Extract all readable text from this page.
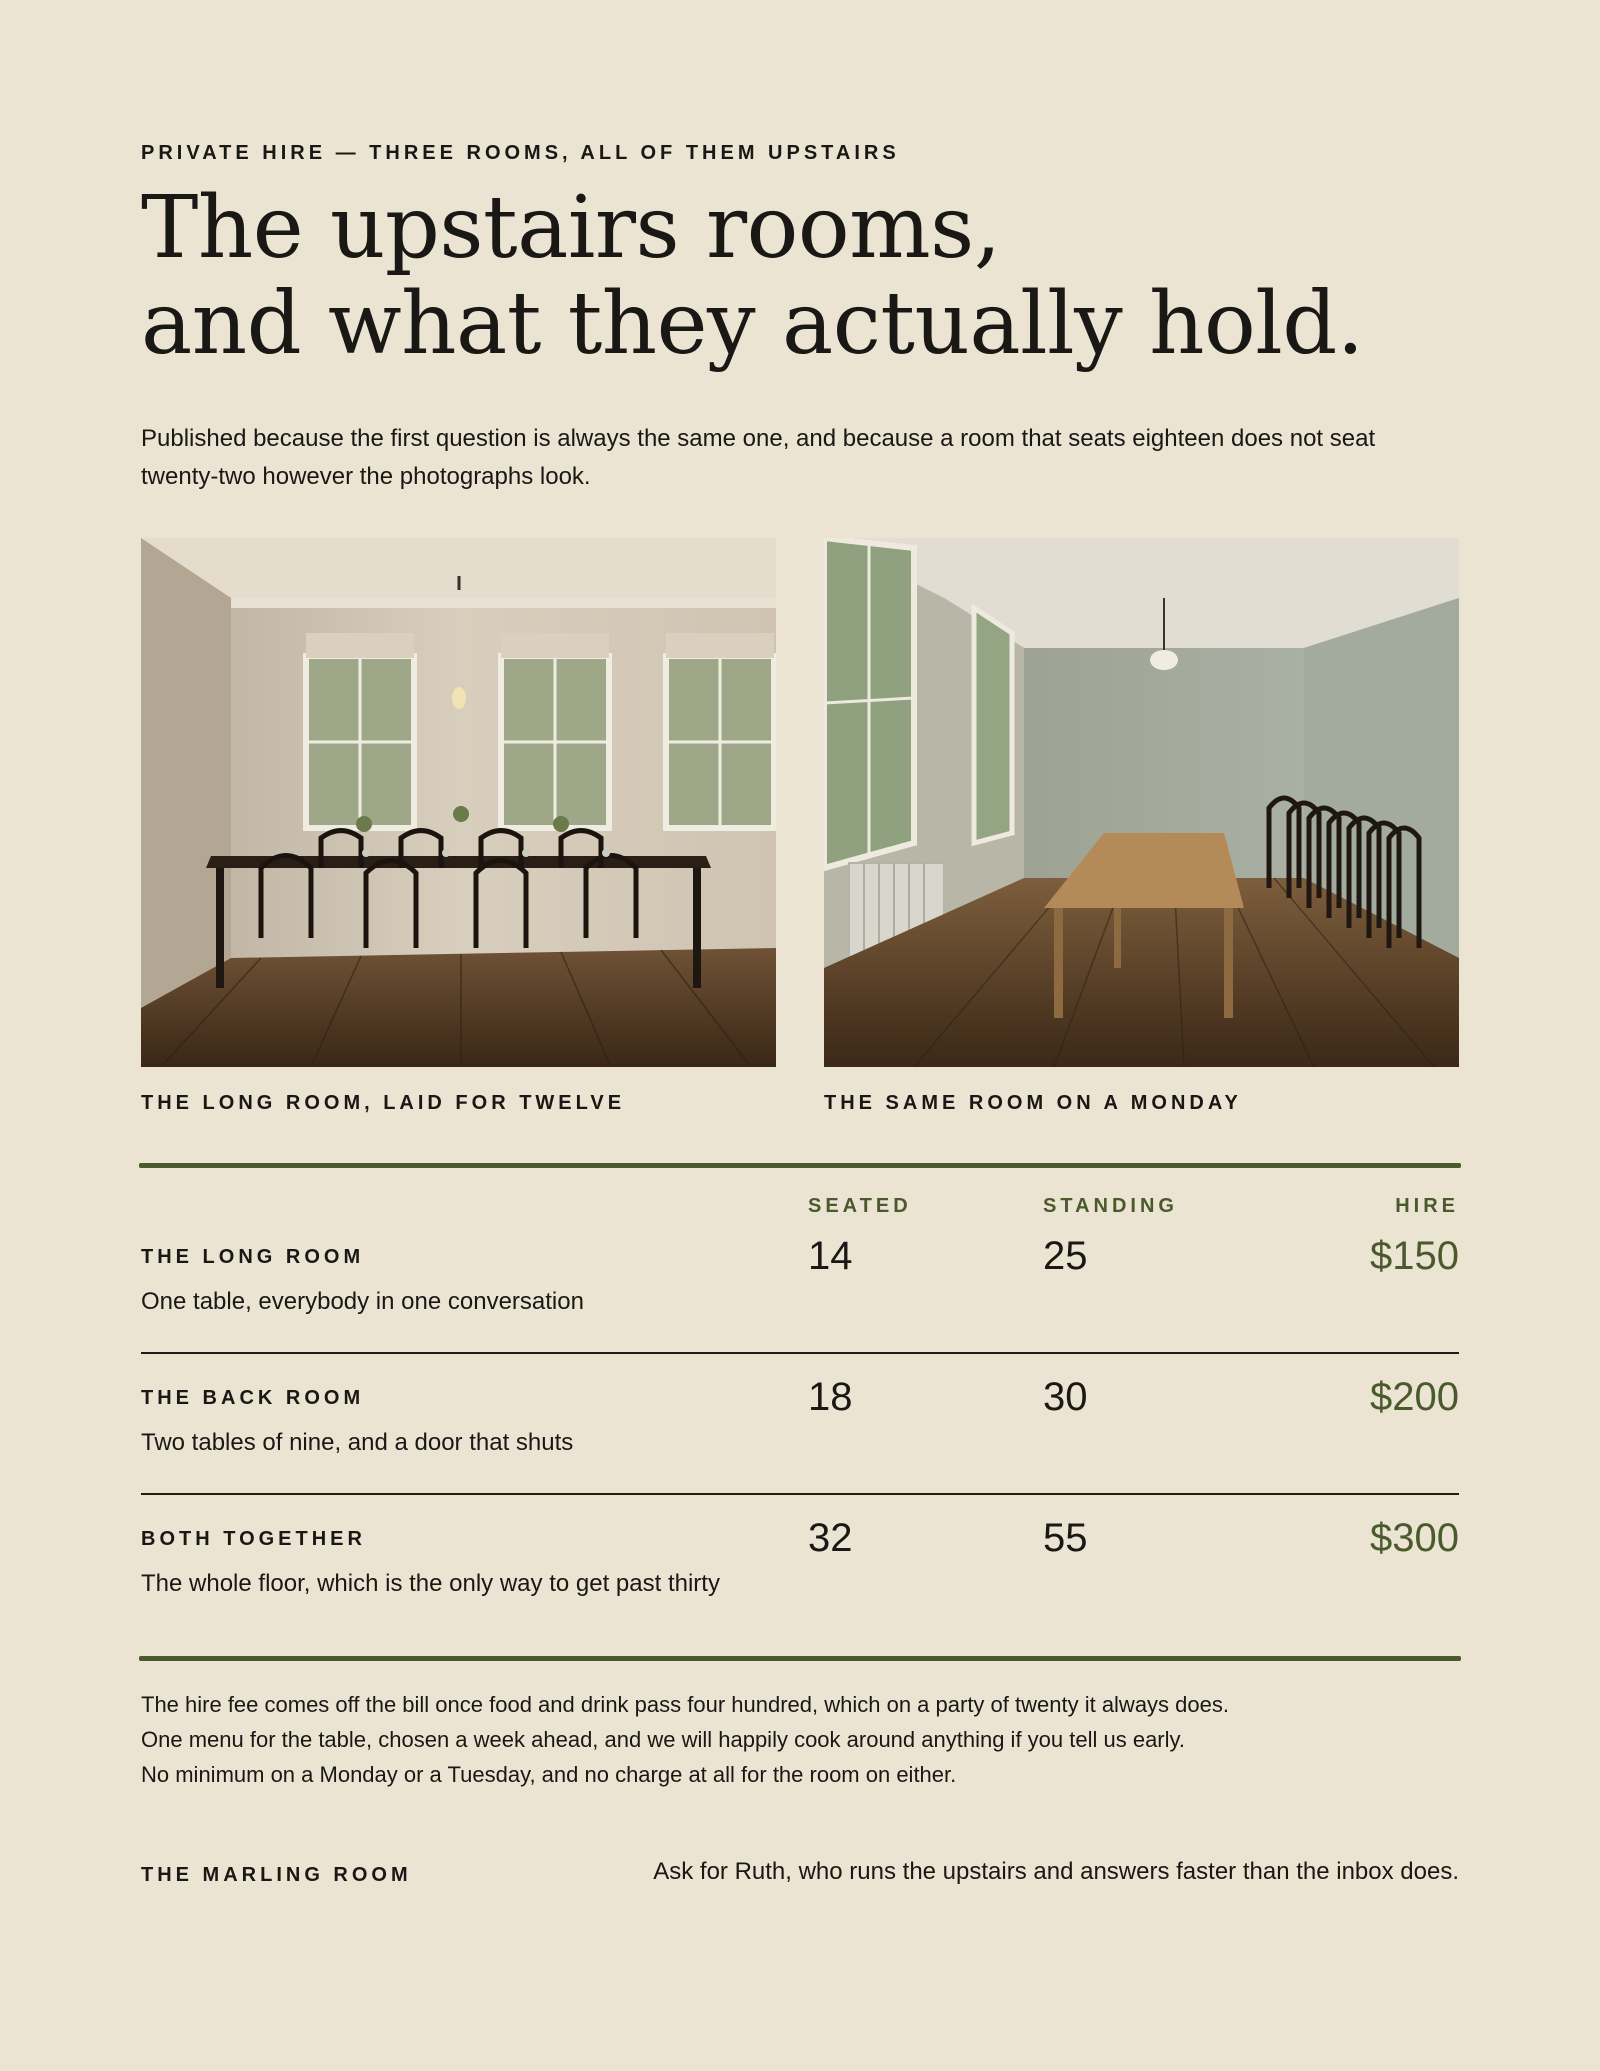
PRIVATE HIRE — THREE ROOMS, ALL OF THEM UPSTAIRS
The upstairs rooms,
and what they actually hold.

Published because the first question is always the same one, and because a room that seats eighteen does not seat twenty-two however the photographs look.

THE LONG ROOM, LAID FOR TWELVE	THE SAME ROOM ON A MONDAY
SEATED	STANDING	HIRE
THE LONG ROOM
One table, everybody in one conversation
14	25	$150
THE BACK ROOM
Two tables of nine, and a door that shuts
18	30	$200
BOTH TOGETHER
The whole floor, which is the only way to get past thirty
32	55	$300
The hire fee comes off the bill once food and drink pass four hundred, which on a party of twenty it always does.
One menu for the table, chosen a week ahead, and we will happily cook around anything if you tell us early.
No minimum on a Monday or a Tuesday, and no charge at all for the room on either.
THE MARLING ROOM	Ask for Ruth, who runs the upstairs and answers faster than the inbox does.
